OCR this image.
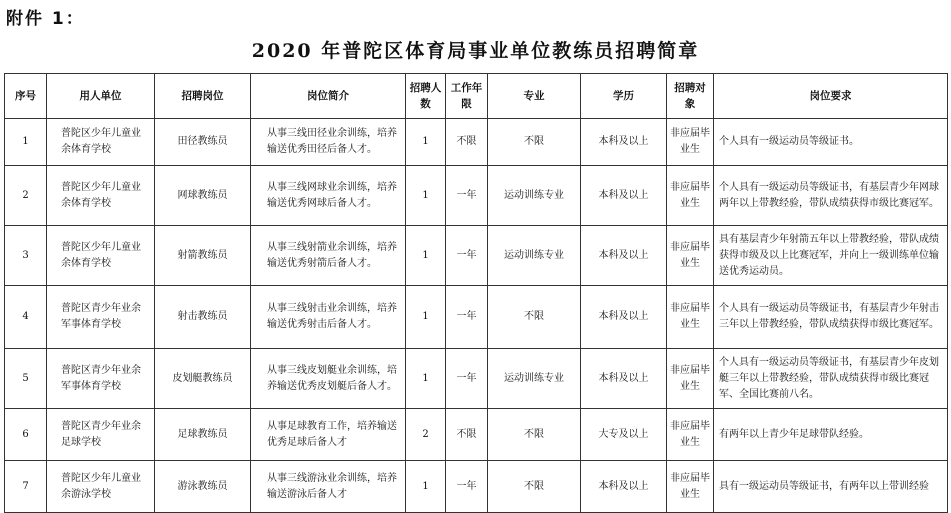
附件 1：
2020 年普陀区体育局事业单位教练员招聘简章
序号	用人单位	招聘岗位	岗位简介	招聘人数	工作年限	专业	学历	招聘对象	岗位要求
1	普陀区少年儿童业余体育学校	田径教练员	从事三线田径业余训练，培养输送优秀田径后备人才。	1	不限	不限	本科及以上	非应届毕业生	个人具有一级运动员等级证书。
2	普陀区少年儿童业余体育学校	网球教练员	从事三线网球业余训练，培养输送优秀网球后备人才。	1	一年	运动训练专业	本科及以上	非应届毕业生	个人具有一级运动员等级证书，有基层青少年网球两年以上带教经验，带队成绩获得市级比赛冠军。
3	普陀区少年儿童业余体育学校	射箭教练员	从事三线射箭业余训练，培养输送优秀射箭后备人才。	1	一年	运动训练专业	本科及以上	非应届毕业生	具有基层青少年射箭五年以上带教经验，带队成绩获得市级及以上比赛冠军，并向上一级训练单位输送优秀运动员。
4	普陀区青少年业余军事体育学校	射击教练员	从事三线射击业余训练，培养输送优秀射击后备人才。	1	一年	不限	本科及以上	非应届毕业生	个人具有一级运动员等级证书，有基层青少年射击三年以上带教经验，带队成绩获得市级比赛冠军。
5	普陀区青少年业余军事体育学校	皮划艇教练员	从事三线皮划艇业余训练，培养输送优秀皮划艇后备人才。	1	一年	运动训练专业	本科及以上	非应届毕业生	个人具有一级运动员等级证书，有基层青少年皮划艇三年以上带教经验，带队成绩获得市级比赛冠军、全国比赛前八名。
6	普陀区青少年业余足球学校	足球教练员	从事足球教育工作，培养输送优秀足球后备人才	2	不限	不限	大专及以上	非应届毕业生	有两年以上青少年足球带队经验。
7	普陀区少年儿童业余游泳学校	游泳教练员	从事三线游泳业余训练，培养输送游泳后备人才	1	一年	不限	本科及以上	非应届毕业生	具有一级运动员等级证书，有两年以上带训经验
